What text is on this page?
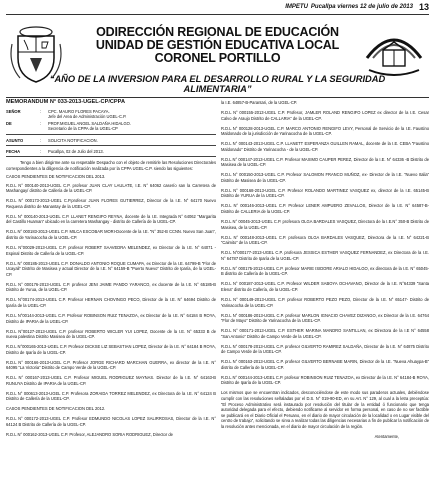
IMPETU Pucallpa viernes 12 de julio de 2013 13
ODIRECCIÓN REGIONAL DE EDUCACIÓN
UNIDAD DE GESTIÓN EDUCATIVA LOCAL
CORONEL PORTILLO
“AÑO DE LA INVERSION PARA EL DESARROLLO RURAL Y LA SEGURIDAD ALIMENTARIA”
MEMORANDUM N° 033-2013-UGEL-CP/CPPA
SEÑOR	:	CPC. MAURO FLORES PACAYA.
Jefe del Area de Administración UGEL-C.P.
DE	:	PROF.MIGUEL ANGEL SALDAÑA HIDALGO.
Secretario de la CPPA de la UGEL-CP
ASUNTO	:	SOLICITA NOTIFICACION.
FECHA	:	Pucallpa, 02 de Julio del 2013.
Tengo a bien dirigirme ante su respetable Despacho con el objeto de remitirle las Resoluciones Directorales correspondientes a la diligencia de notificación realizada por la CPPA UGEL-C.P. siendo las siguientes:
CASOS PENDIENTES DE NOTIFICACION DEL 2013.
R.D.L N° 000140-2013-UGEL C.P. profesor JUAN CLAY LAULATE, I.E. N° 64062 caserío san la Carretera de Mashangay/ distrito de Callería de la UGEL-CP.
R.D.L N° 000173-2013-UGEL C.P.profesor JUAN FLORES GUTIERREZ, Director de la I.E. N° 64170 Nuevo Requena distrito de Manantay de la UGEL-CP.
R.D.L N° 000140-2013-UGEL C.P. LLANET RENGIFO REYNA, docente de la I.E. Integrada N° 64062 “Margarita del Castillo Huaman” ubicado en la carretera Mashangay - distrito de Callería de la UGEL-CP.
R.D.L N° 000183-2013-UGEL C.P. MILCA ESCOBAR MORI-Docente de la I.E. “N° 352-B CCNN. Nuevo San Juan”, distrito de Yarinacocha de la UGEL-CP.
R.D.L N°00029-2013-UGEL C.P. profesor ROBERT SAAVEDRA MELENDEZ, ex Director de la I.E. N° 64071 - Espinal Distrito de Callería de la UGEL-CP.
R.D.L N° 000185-2013-UGEL C.P. DONALDO ANTONIO ROQUE CUMAPA, ex Director de la I.E. 64799-B “Flor de Ucayali” Distrito de Masisea y actual Director de la I.E. N° 64159-B “Puerto Nuevo” Distrito de Iparía, de la UGEL-CP.
R.D.L N° 000176-2013-UGEL C.P. profesor JENI JAIME PANDO YARANCO, ex docente de la I.E. N° 65185-B Distrito de Yurua, de la UGEL-CP.
R.D.L N°00174-2013-UGEL C.P. Profesor HERNAN CHOVINGO PECO, Director de la I.E. N° 64694 Distrito de Iparía de la UGEL-CP.
R.D.L N°00144-2013-UGEL C.P. Profesor ROBINSON RUIZ TENAZOA, ex Director de la I.E. N° 64184 B ROYA, Distrito de IPARIA de la UGEL-CP.
R.D.L N°00127-2013-UGEL C.P. profesor ROBERTO WICLER YUI LOPEZ, Docente de la I.E. N° 65333 B de nueva palestina Distrito Masisea de la UGEL-CP.
R.D.L N°000165-2013-UGEL C.P. Profesor DICKSE LIZ SEBASTIAN LOPEZ, Director de la I.E. N° 64184 B ROYA, Distrito de Iparía de la UGEL-CP.
R.D.L N° 000166-2013-UGEL C.P. Profesor JORGE RICHARD MARCHAN GUERRA, ex director de la I.E. N° 64095 “La Victoria” Distrito de Campo Verde de la UGEL-CP.
R.D.L N° 000167-2013-UGEL C.P. Profesor MIGUEL RODRIGUEZ MAYNAS. Director de la I.E. N° 64163-B RUNUYA Distrito de IPARIA de la UGEL-CP.
R.D.L N° 000613-2013-UGEL C.P. Profesora ZORAIDA TORREZ MELENDEZ, ex Directora de la I.E. N° 64124 B Distrito de Callería de la UGEL-CP.
CASOS PENDIENTES DE NOTIFICACION DEL 2012.
R.D.L N° 000172-2013-UGEL C.P. Profesor EDMUNDO NICOLAS LOPEZ SALIRROSAS, Director de la I.E. N° 64124 B Distrito de Callería de la UGEL-CP.
R.D.L N° 000162-2013-UGEL C.P. Profesor, ALEJANDRO SORIA RODRIGUEZ, Director de
la I.E. 64857-B-Parantari, de la UGEL-CP.
R.D.L N° 000155-2013-UGEL C.P. Profesor, JAMLER ROLAND RENGIFO LOPEZ ex director de la I.E. Cesar Calvo de Araujo Distrito de CALLARIA” de la UGEL-CP.
R.D.L N° 000128-2013-UGEL C.P. MARCO ANTONIO RENGIFO LEVY, Personal de Servicio de la I.E. Faustino Maldonado de la jurisdicción de Yarinacocha de la UGEL-CP.
R.D.L N° 000143-2013-UGEL C.P. LLANETT ESPERANZA GUILLEN RAMAL, docente de la I.E. CEBA “Faustino Maldonado” Distrito de Yarinacocha - de la UGEL-CP.
R.D.L N° 000147-2013-UGEL C.P. Profesor MAXIMO CAUPER PEREZ, Director de la I.E. N° 64336 -B Distrito de Masisea de la UGEL-CP.
R.D.L N° 000150-2013-UGEL C.P. Profesor SALOMON FRANCO MUÑOZ, ex- Director de la I.E. “Nuevo Italia” Distrito de Masisea de la UGEL-CP.
R.D.L N° 000168-2013-UGEL C.P. Profesor ROLANDO MARTINEZ VASQUEZ ex, director de la I.E. 65145-B Distrito de YURUA de la UGEL-CP.
R.D.L N° 000146-2013-UGEL C.P. Profesor LENER AMPUERO ZEVALLOS, Director de la I.E. N° 64587-B- Distrito de CALLERIA de la UGEL-CP.
R.D.L N° 00045-2013-UGEL C.P. profesora OLGA BARDALES VASQUEZ, Directora de la I.E.N° 350-B Distrito de Masisea, de la UGEL-CP.
R.D.L N° 000148-2013-UGEL C.P. profesora OLGA BARDALES VASQUEZ, Directora de la I.E. N° 64221-B “Caimito” de la UGEL-CP.
R.D.L N°000177-2013-UGEL C.P. profesora JESSICA ESTHER VASQUEZ FERNANDEZ, ex Directora de la I.E. N° 64787 Distrito de Iparía de la UGEL-CP.
R.D.L N° 000175-2013-UGEL C.P. profesor MARIE ISIDORE ARIALO HIDALGO, ex directora de la I.E. N° 65045-B distrito de Callería de la UGEL-CP.
R.D.L N° 000187-2013-UGEL C.P. Profesor WILDER SABOYA OCHAVANO, Director de la I.E. N°64339 “Santa Elena” distrito de Callería, de la UGEL-CP.
R.D.L N° 000149-2013-UGEL C.P. profesor ROBERTO PEZO PEZO, Director de la I.E. N° 65147- Distrito de Yarinacocha de la UGEL-CP.
R.D.L N° 000186-2013-UGEL C.P. profesor MARLON IGNACIO CHAVEZ DIZANGO, ex Director de la I.E. 64764 “Flor de Mayo” Distrito de Yarinacocha de la UGEL-CP.
R.D.L N° 000171-2013-UGEL C.P. ESTHER MARINA MANDRO SANTILLAN, ex Directora de la I.E N° 64558 “San Antonio” Distrito de Campo Verde de la UGEL-CP.
R.D.L N° 000178-2013-UGEL C.P. profesor GILVERTO RAMIREZ SALDAÑA, Director de la I.E. N° 64875 Distrito de Campo Verde de la UGEL-CP.
R.D.L N° 000163-2013-UGEL C.P. profesor GILVERTO BERNABE MARIN, Director de la I.E. “Nueva Ahuaypa-B” distrito de Callería de la UGEL-CP.
R.D.L N° 000144-2013-UGEL C.P. profesor ROBINSON RUIZ TENAZOA, ex Director de la I.E. N° 64184-B ROYA, Distrito de Iparía de la UGEL-CP.
Los mismos que se encuentran indicados, desconociéndose de este modo sus paraderos actuales, debiéndose cumplir con las resoluciones señaladas por el D.S. N° 019-90-ED, en su Art. N° 129, al cual a la letra preceptúa: “El Proceso Administrativo será instaurado por resolución del titular de la entidad ó funcionario que tenga autoridad delegada para el efecto, debiendo notificarse al servidor en forma personal, en caso de no ser factible se publicará en el Diario Oficial el Peruano, en el diario de mayor circulación de la localidad o en Lugar visible del centro de trabajo”, solicitando se sirva a realizar todas las diligencias necesarias a fin de publicar la notificación de la resolución antes mencionada, en el diario de mayor circulación de la región.
Atentamente,
